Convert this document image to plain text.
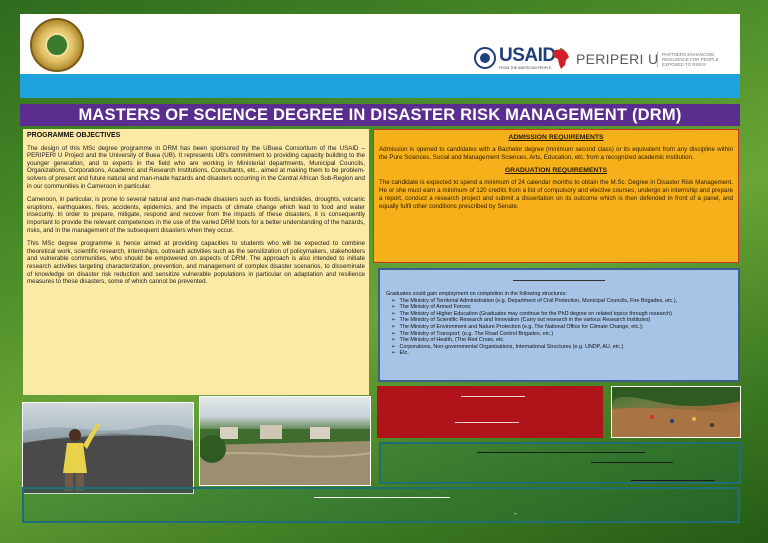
USAID
FROM THE AMERICAN PEOPLE
PERIPERI U PARTNERS ENHANCING RESILIENCE FOR PEOPLE EXPOSED TO RISKS
MASTERS OF SCIENCE DEGREE IN DISASTER RISK MANAGEMENT (DRM)
PROGRAMME OBJECTIVES

The design of this MSc degree programme in DRM has been sponsored by the UBuea Consortium of the USAID – PERIPERI U Project and the University of Buea (UB). It represents UB's commitment to providing capacity building to the younger generation, and to experts in the field who are working in Ministerial departments, Municipal Councils, Organizations, Corporations, Academic and Research Institutions, Consultants, etc., aimed at making them to be problem-solvers of present and future natural and man-made hazards and disasters occurring in the Central African Sub-Region and in our communities in Cameroon in particular.

Cameroon, in particular, is prone to several natural and man-made disasters such as floods, landslides, droughts, volcanic eruptions, earthquakes, fires, accidents, epidemics, and the impacts of climate change which lead to food and water insecurity. In order to prepare, mitigate, respond and recover from the impacts of these disasters, it is consequently important to provide the relevant competences in the use of the varied DRM tools for a better understanding of the hazards, risks, and in the management of the subsequent disasters when they occur.

This MSc degree programme is hence aimed at providing capacities to students who will be expected to combine theoretical work, scientific research, internships, outreach activities such as the sensitization of policymakers, stakeholders and vulnerable communities, who should be empowered on aspects of DRM. The approach is also intended to initiate research activities targeting characterization, prevention, and management of complex disaster scenarios, to disseminate of knowledge on disaster risk reduction and sensitize vulnerable populations in particular on adaptation and resilience measures to these disasters, some of which cannot be prevented.

ADMISSION REQUIREMENTS

Admission is opened to candidates with a Bachelor degree (minimum second class) or its equivalent from any discipline within the Pure Sciences, Social and Management Sciences, Arts, Education, etc. from a recognized academic institution.

GRADUATION REQUIREMENTS

The candidate is expected to spend a minimum of 24 calendar months to obtain the M.Sc. Degree in Disaster Risk Management. He or she must earn a minimum of 120 credits from a list of compulsory and elective courses, undergo an internship and prepare a report, conduct a research project and submit a dissertation on its outcome which is then defended in front of a panel, and equally fulfil other conditions prescribed by Senate.

Graduates could gain employment on completion in the following structures:
➢ The Ministry of Territorial Administration (e.g. Department of Civil Protection, Municipal Councils, Fire Brigades, etc.),
➢ The Ministry of Armed Forces;
➢ The Ministry of Higher Education (Graduates may continue for the PhD degree on related topics through research)
➢ The Ministry of Scientific Research and Innovation (Carry out research in the various Research Institutes)
➢ The Ministry of Environment and Nature Protection (e.g. The National Office for Climate Change, etc.);
➢ The Ministry of Transport; (e.g. The Road Control Brigades, etc.)
➢ The Ministry of Health, (The Red Cross, etc.
➢ Corporations, Non-governmental Organisations, International Structures (e.g. UNDP, AU, etc.).
➢ Etc.
-
